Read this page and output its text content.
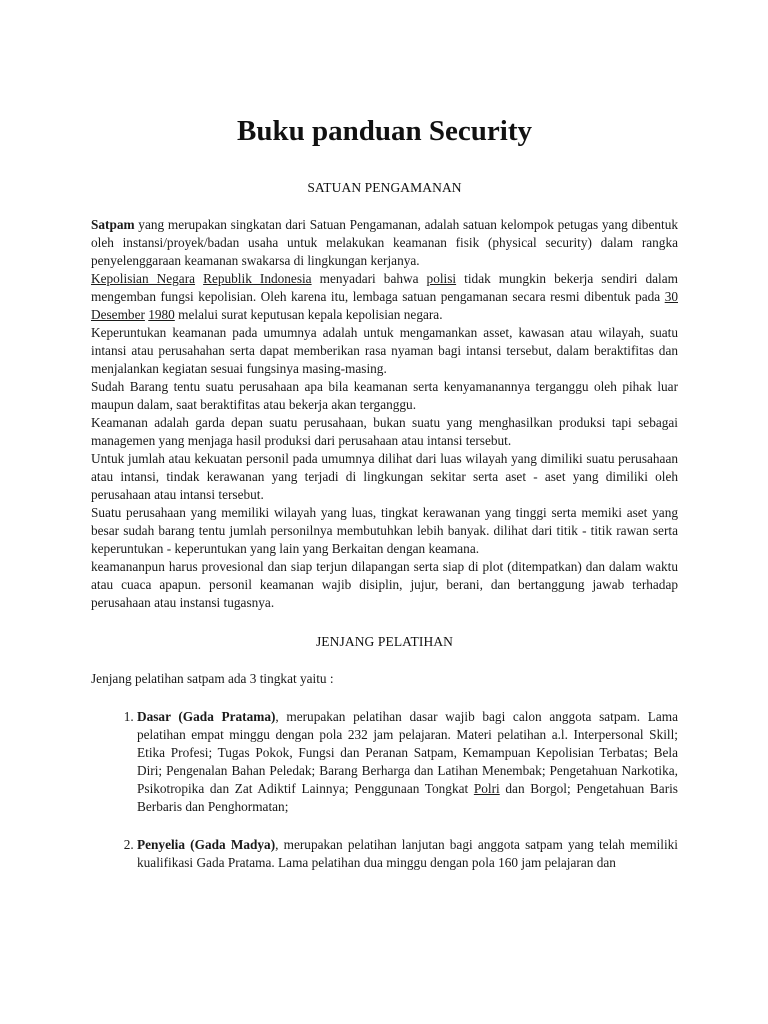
Buku panduan Security
SATUAN PENGAMANAN

Satpam yang merupakan singkatan dari Satuan Pengamanan, adalah satuan kelompok petugas yang dibentuk oleh instansi/proyek/badan usaha untuk melakukan keamanan fisik (physical security) dalam rangka penyelenggaraan keamanan swakarsa di lingkungan kerjanya.

Kepolisian Negara Republik Indonesia menyadari bahwa polisi tidak mungkin bekerja sendiri dalam mengemban fungsi kepolisian. Oleh karena itu, lembaga satuan pengamanan secara resmi dibentuk pada 30 Desember 1980 melalui surat keputusan kepala kepolisian negara.

Keperuntukan keamanan pada umumnya adalah untuk mengamankan asset, kawasan atau wilayah, suatu intansi atau perusahahan serta dapat memberikan rasa nyaman bagi intansi tersebut, dalam beraktifitas dan menjalankan kegiatan sesuai fungsinya masing-masing.

Sudah Barang tentu suatu perusahaan apa bila keamanan serta kenyamanannya terganggu oleh pihak luar maupun dalam, saat beraktifitas atau bekerja akan terganggu.

Keamanan adalah garda depan suatu perusahaan, bukan suatu yang menghasilkan produksi tapi sebagai managemen yang menjaga hasil produksi dari perusahaan atau intansi tersebut.

Untuk jumlah atau kekuatan personil pada umumnya dilihat dari luas wilayah yang dimiliki suatu perusahaan atau intansi, tindak kerawanan yang terjadi di lingkungan sekitar serta aset - aset yang dimiliki oleh perusahaan atau intansi tersebut.

Suatu perusahaan yang memiliki wilayah yang luas, tingkat kerawanan yang tinggi serta memiki aset yang besar sudah barang tentu jumlah personilnya membutuhkan lebih banyak. dilihat dari titik - titik rawan serta keperuntukan - keperuntukan yang lain yang Berkaitan dengan keamana.

keamananpun harus provesional dan siap terjun dilapangan serta siap di plot (ditempatkan) dan dalam waktu atau cuaca apapun. personil keamanan wajib disiplin, jujur, berani, dan bertanggung jawab terhadap perusahaan atau instansi tugasnya.

JENJANG PELATIHAN

Jenjang pelatihan satpam ada 3 tingkat yaitu :

1. Dasar (Gada Pratama), merupakan pelatihan dasar wajib bagi calon anggota satpam. Lama pelatihan empat minggu dengan pola 232 jam pelajaran. Materi pelatihan a.l. Interpersonal Skill; Etika Profesi; Tugas Pokok, Fungsi dan Peranan Satpam, Kemampuan Kepolisian Terbatas; Bela Diri; Pengenalan Bahan Peledak; Barang Berharga dan Latihan Menembak; Pengetahuan Narkotika, Psikotropika dan Zat Adiktif Lainnya; Penggunaan Tongkat Polri dan Borgol; Pengetahuan Baris Berbaris dan Penghormatan;
2. Penyelia (Gada Madya), merupakan pelatihan lanjutan bagi anggota satpam yang telah memiliki kualifikasi Gada Pratama. Lama pelatihan dua minggu dengan pola 160 jam pelajaran dan
